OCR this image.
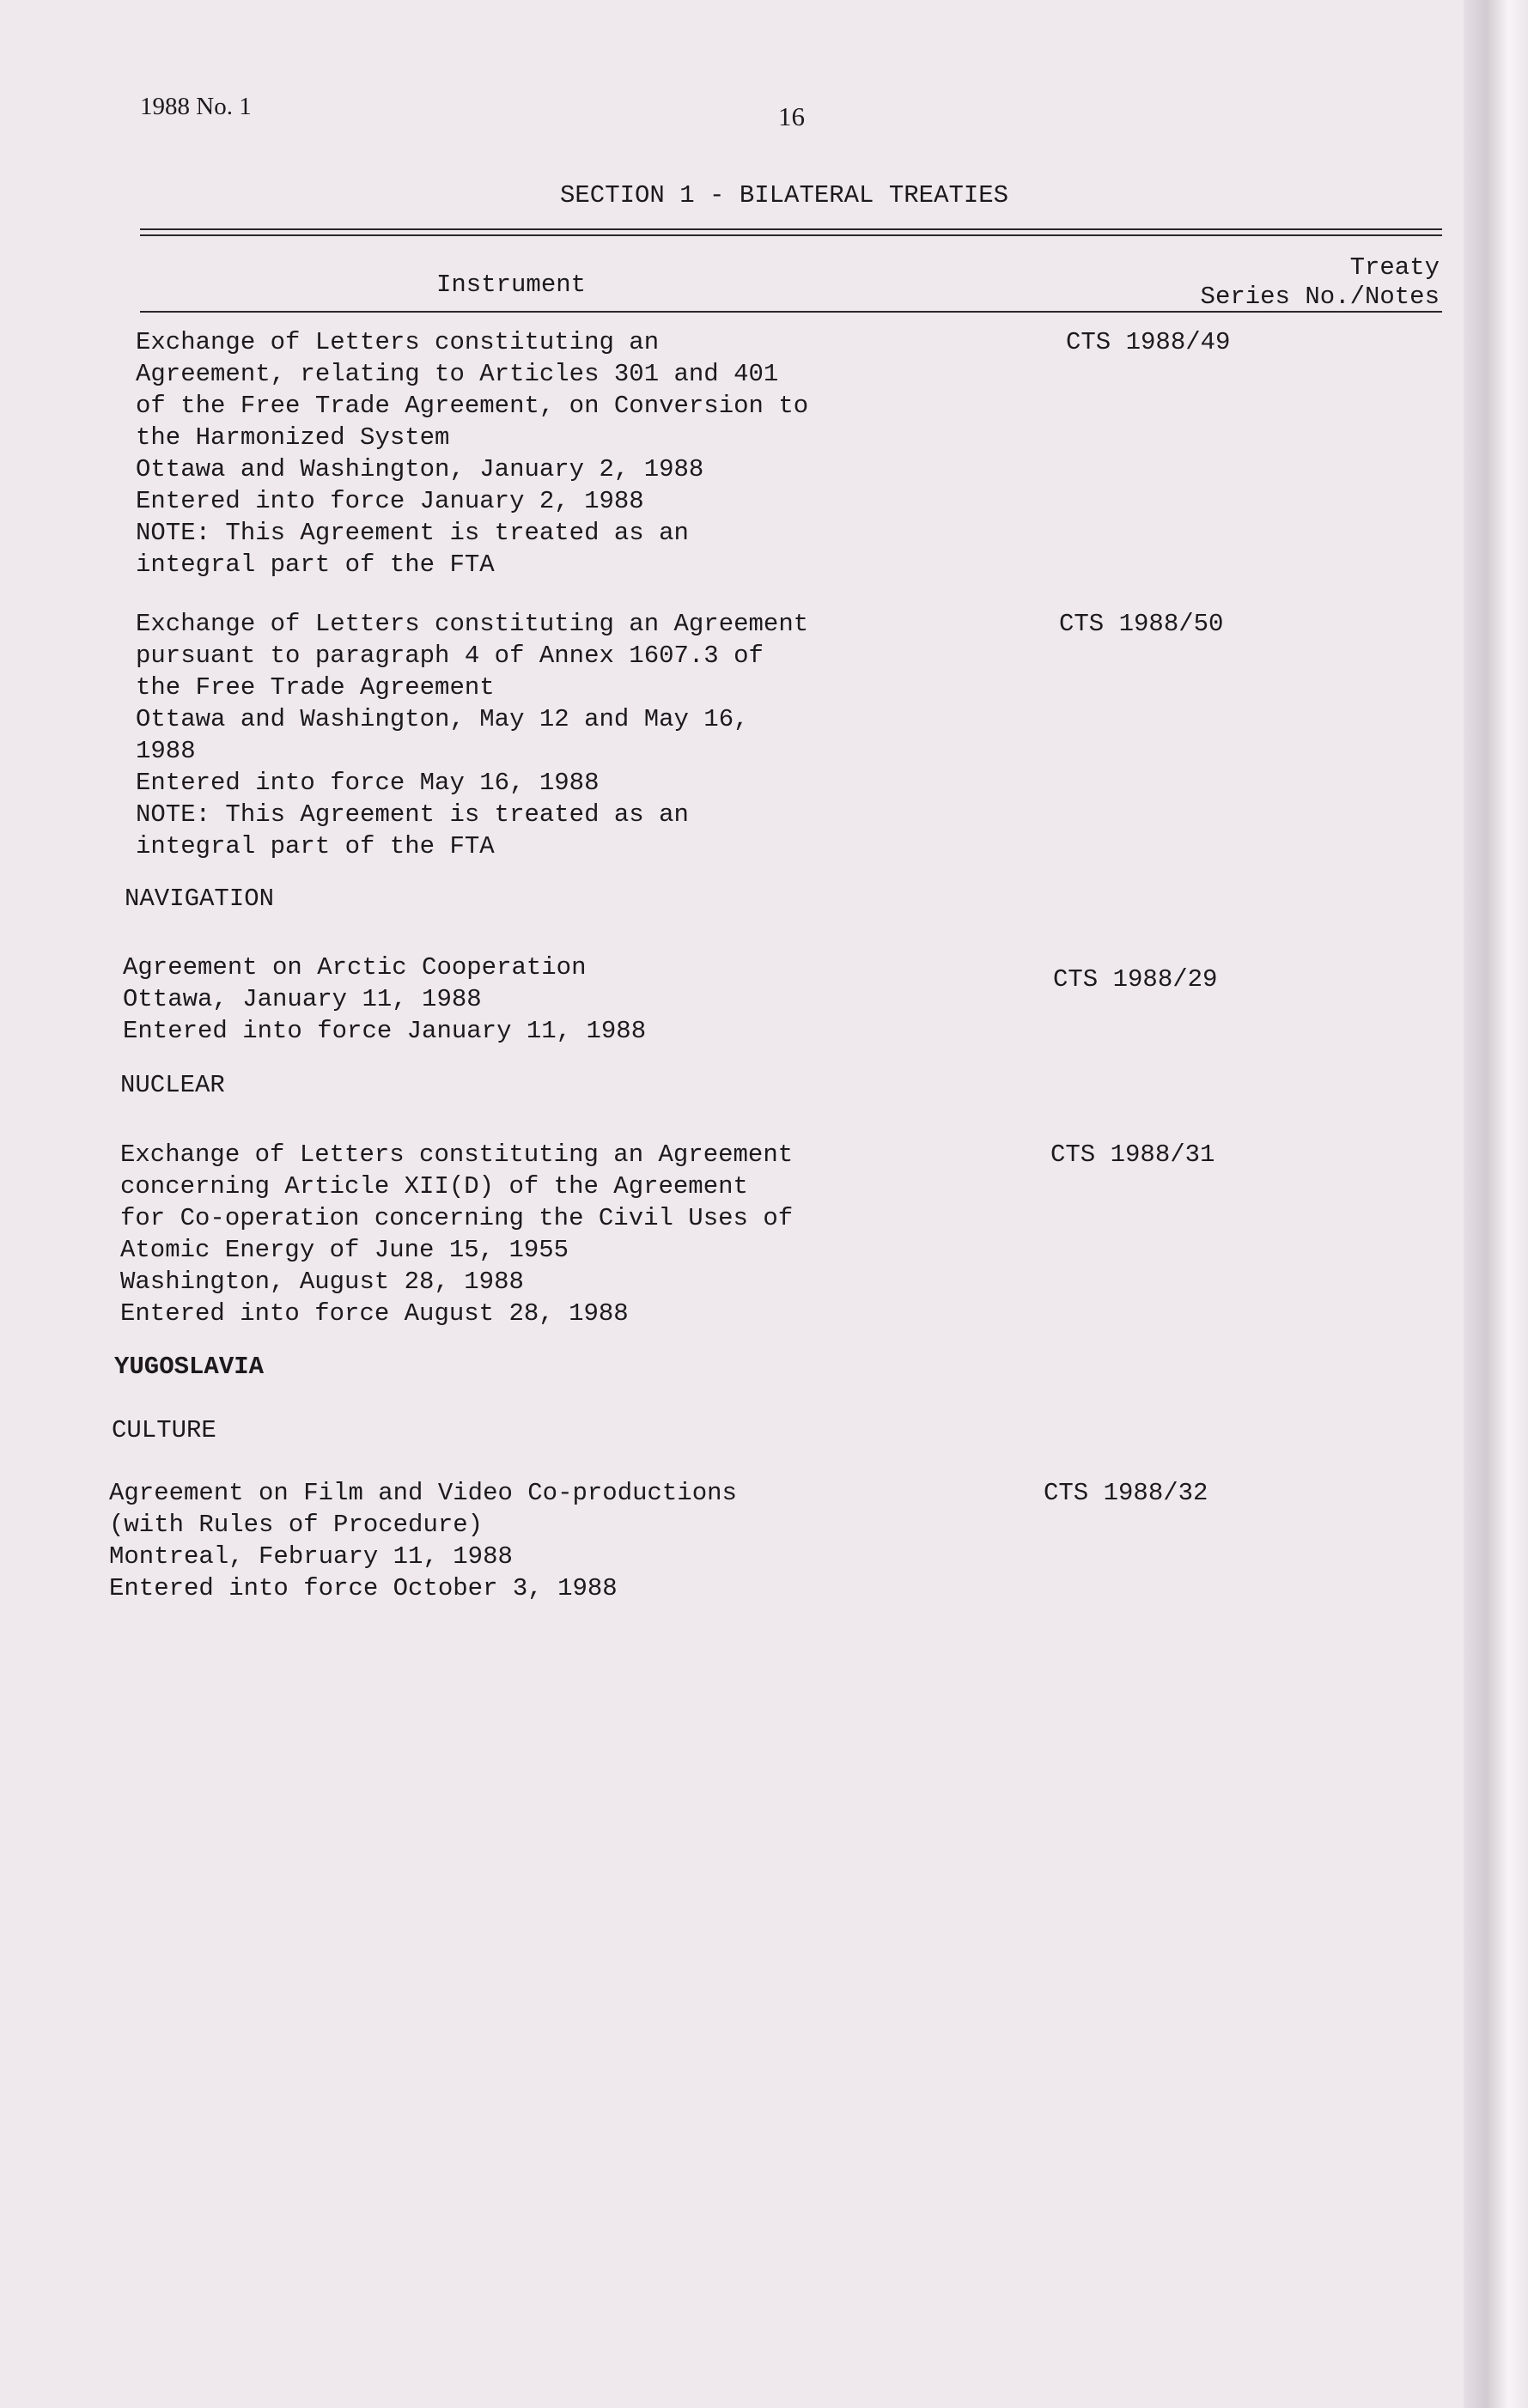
1988 No. 1	16
SECTION 1 - BILATERAL TREATIES
Instrument
Treaty
Series No./Notes
Exchange of Letters constituting an
Agreement, relating to Articles 301 and 401
of the Free Trade Agreement, on Conversion to
the Harmonized System
Ottawa and Washington, January 2, 1988
Entered into force January 2, 1988
NOTE: This Agreement is treated as an
integral part of the FTA
CTS 1988/49
Exchange of Letters constituting an Agreement
pursuant to paragraph 4 of Annex 1607.3 of
the Free Trade Agreement
Ottawa and Washington, May 12 and May 16,
1988
Entered into force May 16, 1988
NOTE: This Agreement is treated as an
integral part of the FTA
CTS 1988/50
NAVIGATION
Agreement on Arctic Cooperation
Ottawa, January 11, 1988
Entered into force January 11, 1988
CTS 1988/29
NUCLEAR
Exchange of Letters constituting an Agreement
concerning Article XII(D) of the Agreement
for Co-operation concerning the Civil Uses of
Atomic Energy of June 15, 1955
Washington, August 28, 1988
Entered into force August 28, 1988
CTS 1988/31
YUGOSLAVIA
CULTURE
Agreement on Film and Video Co-productions
(with Rules of Procedure)
Montreal, February 11, 1988
Entered into force October 3, 1988
CTS 1988/32
